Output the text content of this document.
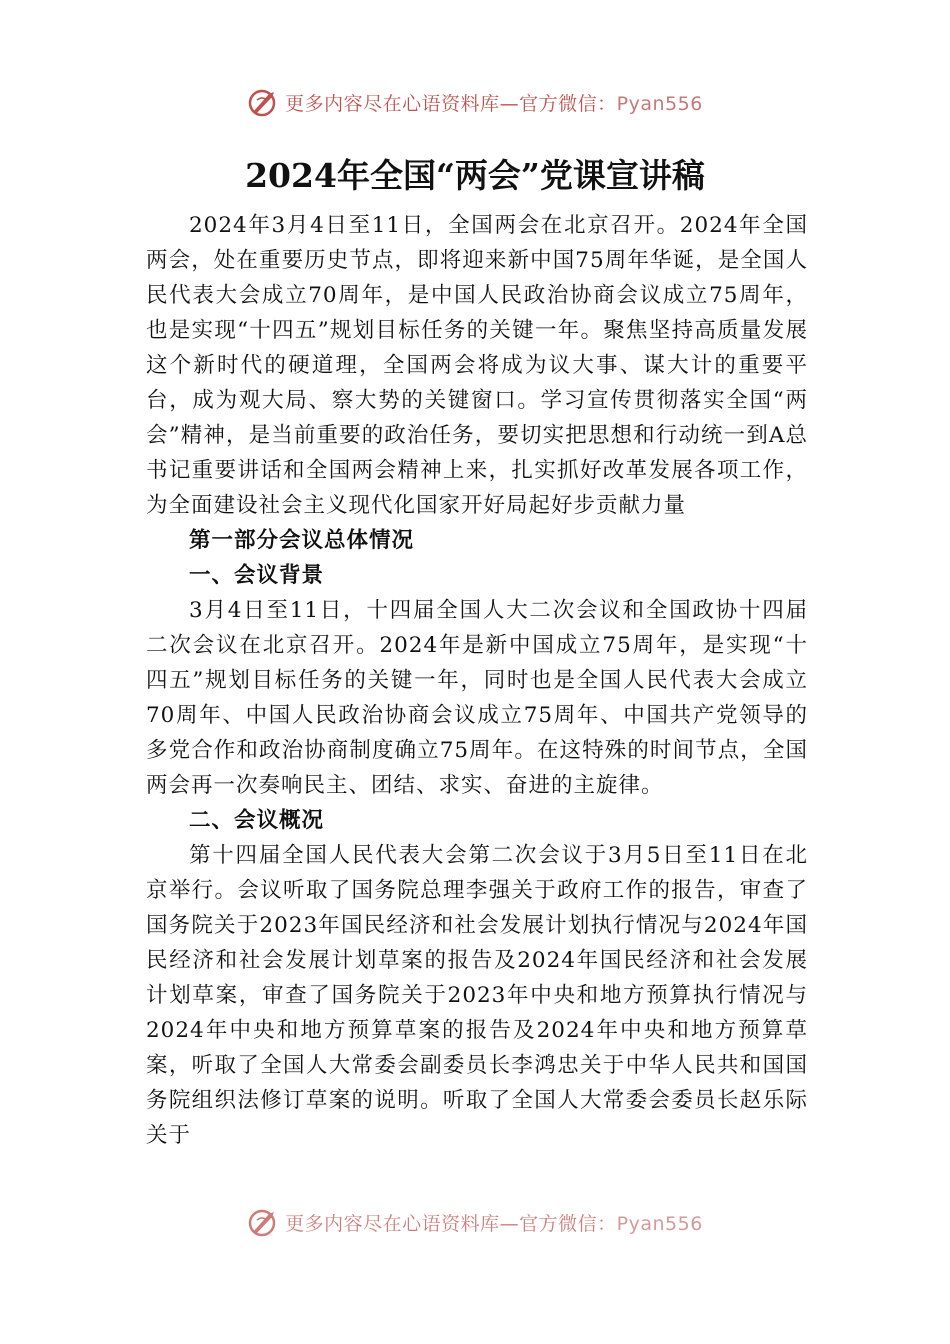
更多内容尽在心语资料库—官方微信：Pyan556
2024年全国“两会”党课宣讲稿

2024年3月4日至11日，全国两会在北京召开。2024年全国两会，处在重要历史节点，即将迎来新中国75周年华诞，是全国人民代表大会成立70周年，是中国人民政治协商会议成立75周年，也是实现“十四五”规划目标任务的关键一年。聚焦坚持高质量发展这个新时代的硬道理，全国两会将成为议大事、谋大计的重要平台，成为观大局、察大势的关键窗口。学习宣传贯彻落实全国“两会”精神，是当前重要的政治任务，要切实把思想和行动统一到A总书记重要讲话和全国两会精神上来，扎实抓好改革发展各项工作，为全面建设社会主义现代化国家开好局起好步贡献力量

第一部分会议总体情况
一、会议背景

3月4日至11日，十四届全国人大二次会议和全国政协十四届二次会议在北京召开。2024年是新中国成立75周年，是实现“十四五”规划目标任务的关键一年，同时也是全国人民代表大会成立70周年、中国人民政治协商会议成立75周年、中国共产党领导的多党合作和政治协商制度确立75周年。在这特殊的时间节点，全国两会再一次奏响民主、团结、求实、奋进的主旋律。

二、会议概况

第十四届全国人民代表大会第二次会议于3月5日至11日在北京举行。会议听取了国务院总理李强关于政府工作的报告，审查了国务院关于2023年国民经济和社会发展计划执行情况与2024年国民经济和社会发展计划草案的报告及2024年国民经济和社会发展计划草案，审查了国务院关于2023年中央和地方预算执行情况与2024年中央和地方预算草案的报告及2024年中央和地方预算草案，听取了全国人大常委会副委员长李鸿忠关于中华人民共和国国务院组织法修订草案的说明。听取了全国人大常委会委员长赵乐际关于

更多内容尽在心语资料库—官方微信：Pyan556
